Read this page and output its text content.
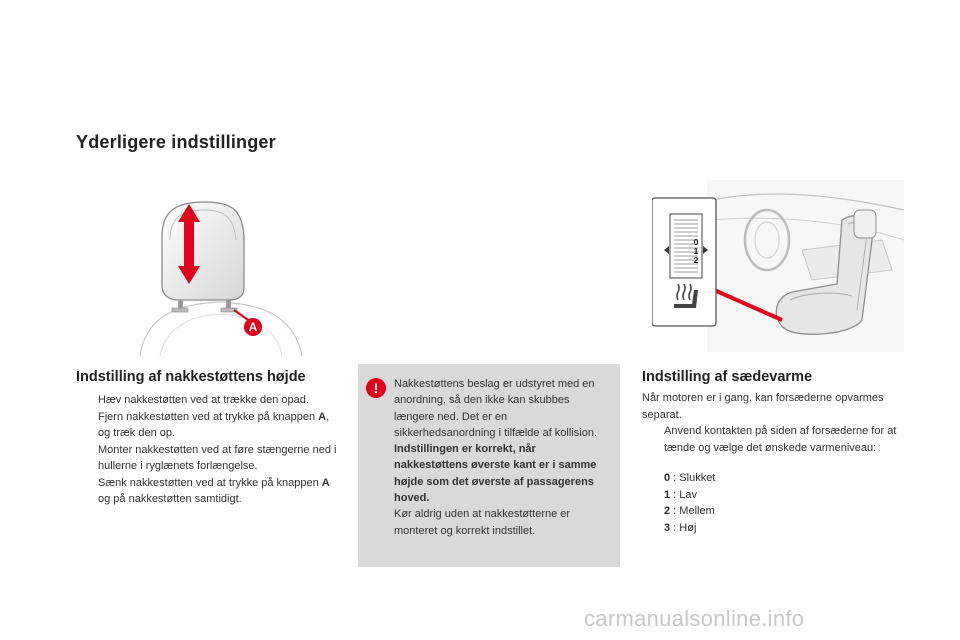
Yderligere indstillinger
A
0
1
2
Indstilling af nakkestøttens højde
Hæv nakkestøtten ved at trække den opad.
Fjern nakkestøtten ved at trykke på knappen A, og træk den op.
Monter nakkestøtten ved at føre stængerne ned i hullerne i ryglænets forlængelse.
Sænk nakkestøtten ved at trykke på knappen A og på nakkestøtten samtidigt.
!	Nakkestøttens beslag er udstyret med en anordning, så den ikke kan skubbes længere ned. Det er en sikkerhedsanordning i tilfælde af kollision.

Indstillingen er korrekt, når nakkestøttens øverste kant er i samme højde som det øverste af passagerens hoved.

Kør aldrig uden at nakkestøtterne er monteret og korrekt indstillet.

Indstilling af sædevarme
Når motoren er i gang, kan forsæderne opvarmes separat.
Anvend kontakten på siden af forsæderne for at tænde og vælge det ønskede varmeniveau:
0 : Slukket
1 : Lav
2 : Mellem
3 : Høj
carmanualsonline.info
